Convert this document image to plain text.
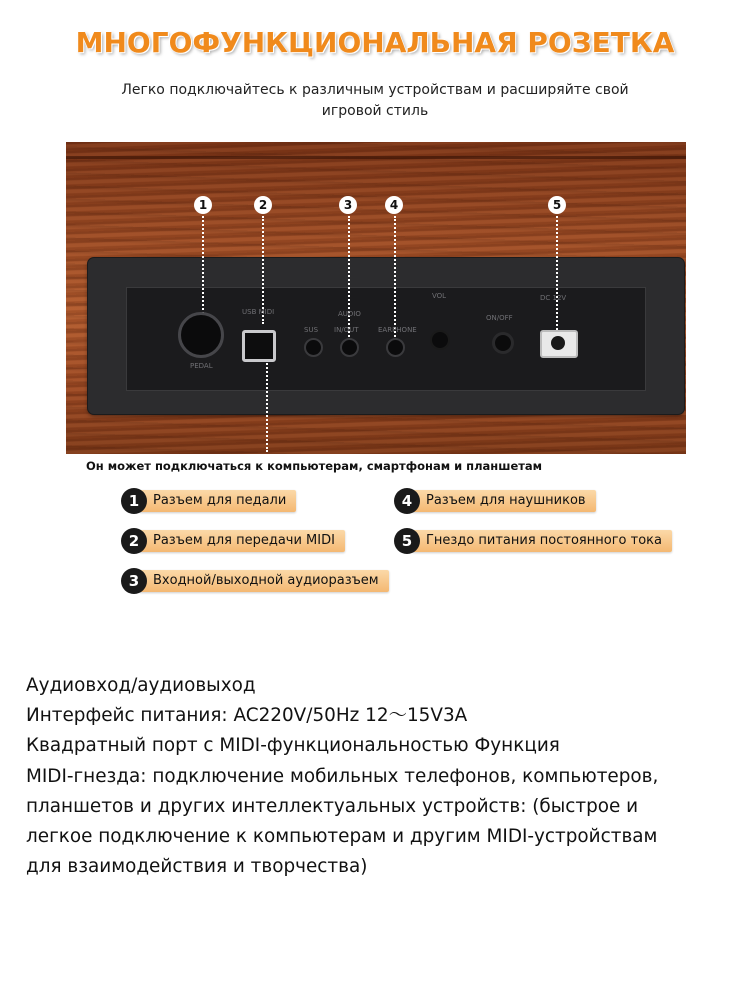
МНОГОФУНКЦИОНАЛЬНАЯ РОЗЕТКА
Легко подключайтесь к различным устройствам и расширяйте свой игровой стиль
1	2	3	4	5
PEDAL
USB MIDI	AUDIO
SUS IN/OUT	EARPHONE
VOL
ON/OFF
DC 12V
Он может подключаться к компьютерам, смартфонам и планшетам
1	Разъем для педали
2	Разъем для передачи MIDI
3	Входной/выходной аудиоразъем
4	Разъем для наушников
5	Гнездо питания постоянного тока
Аудиовход/аудиовыход
Интерфейс питания: AC220V/50Hz 12～15V3A
Квадратный порт с MIDI-функциональностью Функция
MIDI-гнезда: подключение мобильных телефонов, компьютеров,
планшетов и других интеллектуальных устройств: (быстрое и
легкое подключение к компьютерам и другим MIDI-устройствам
для взаимодействия и творчества)
